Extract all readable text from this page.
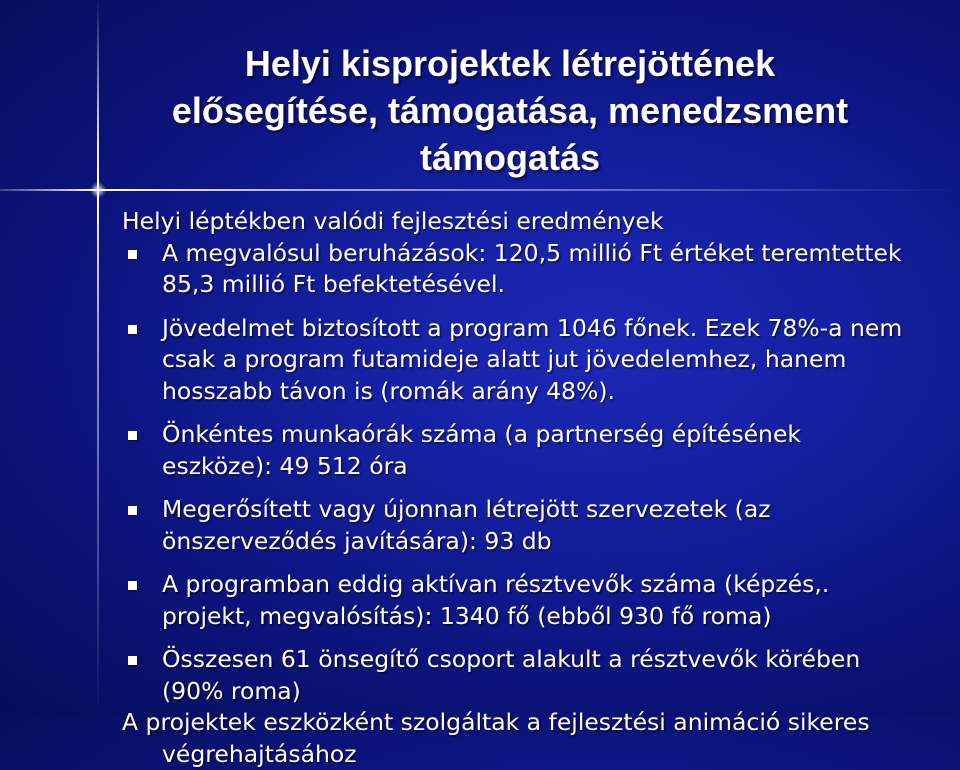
Helyi kisprojektek létrejöttének
elősegítése, támogatása, menedzsment
támogatás

Helyi léptékben valódi fejlesztési eredmények

A megvalósul beruházások: 120,5 millió Ft értéket teremtettek 85,3 millió Ft befektetésével.
Jövedelmet biztosított a program 1046 főnek. Ezek 78%-a nem csak a program futamideje alatt jut jövedelemhez, hanem hosszabb távon is (romák arány 48%).
Önkéntes munkaórák száma (a partnerség építésének eszköze): 49 512 óra
Megerősített vagy újonnan létrejött szervezetek (az önszerveződés javítására): 93 db
A programban eddig aktívan résztvevők száma (képzés,. projekt, megvalósítás): 1340 fő (ebből 930 fő roma)
Összesen 61 önsegítő csoport alakult a résztvevők körében (90% roma)

A projektek eszközként szolgáltak a fejlesztési animáció sikeres
végrehajtásához
